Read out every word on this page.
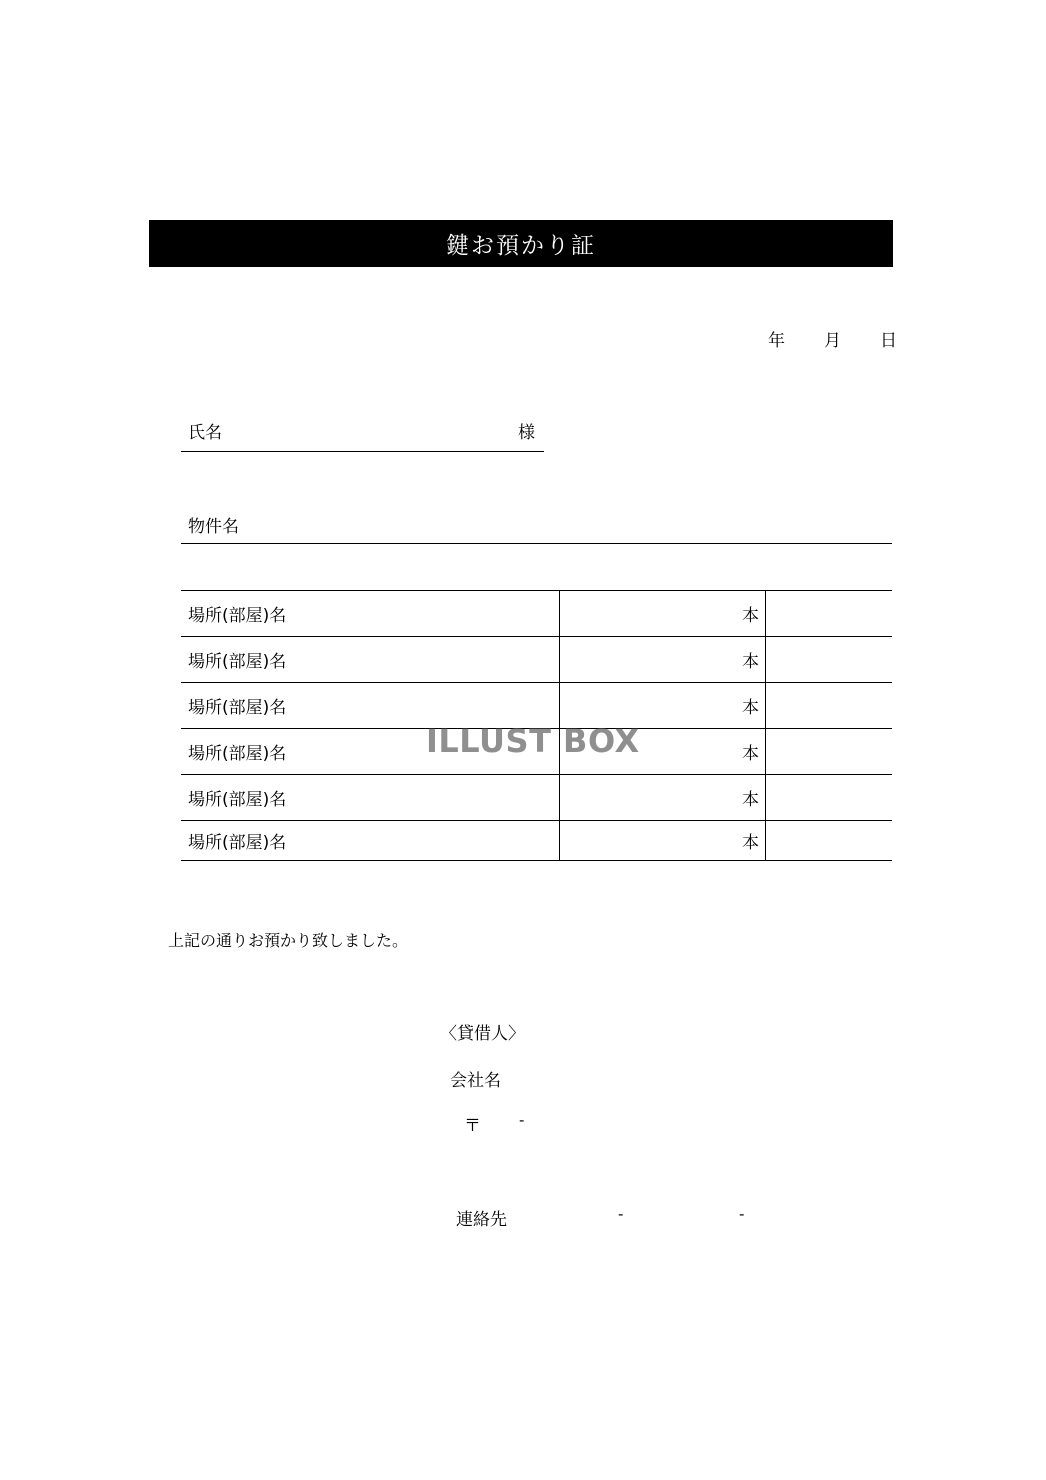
鍵お預かり証
年 月 日
氏名	様
物件名
場所(部屋)名	本	
場所(部屋)名	本	
場所(部屋)名	本	
場所(部屋)名	本	
場所(部屋)名	本	
場所(部屋)名	本	
ILLUST BOX
上記の通りお預かり致しました。
〈貸借人〉
会社名
〒	-
連絡先	-	-
